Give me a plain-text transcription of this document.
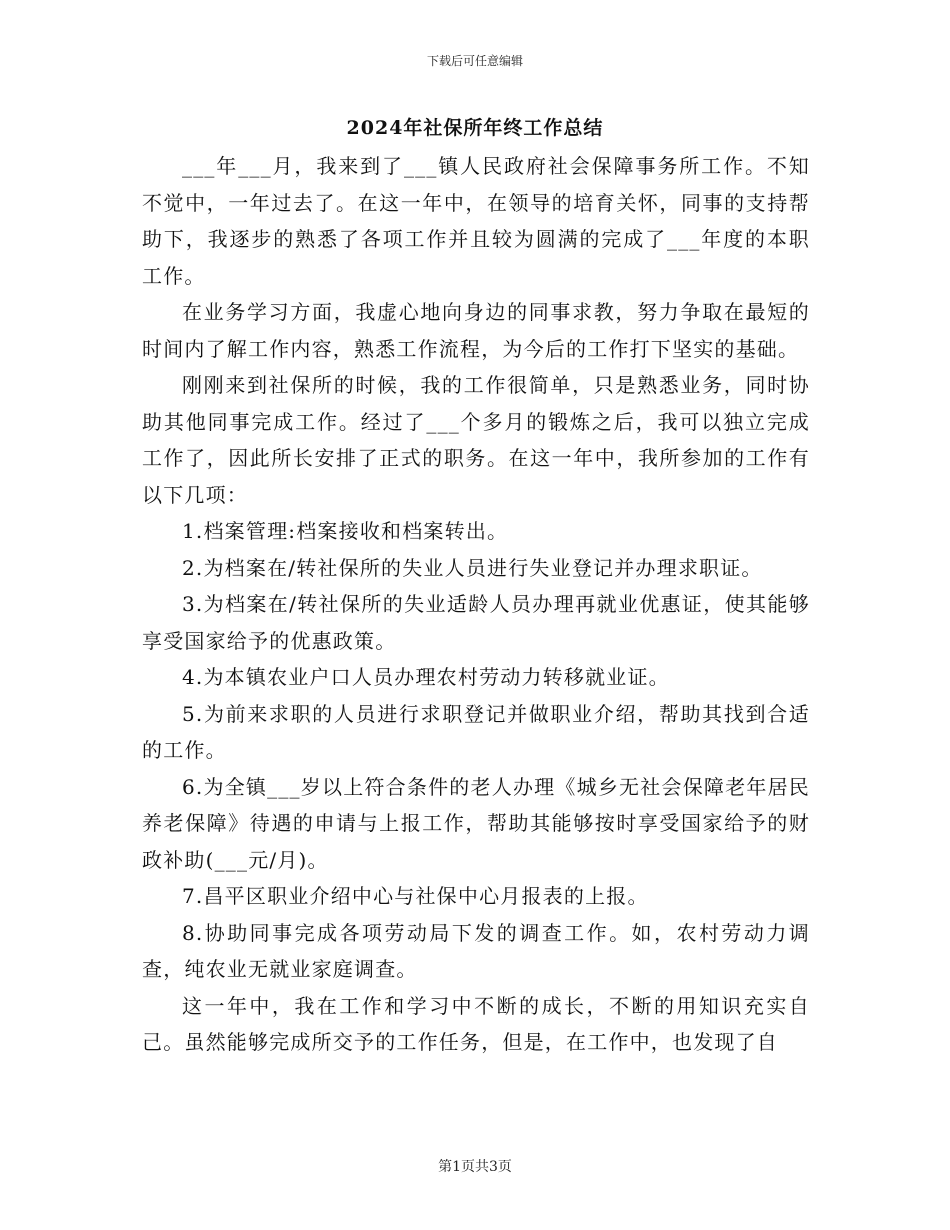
下载后可任意编辑
2024年社保所年终工作总结

___年___月，我来到了___镇人民政府社会保障事务所工作。不知不觉中，一年过去了。在这一年中，在领导的培育关怀，同事的支持帮助下，我逐步的熟悉了各项工作并且较为圆满的完成了___年度的本职工作。

在业务学习方面，我虚心地向身边的同事求教，努力争取在最短的时间内了解工作内容，熟悉工作流程，为今后的工作打下坚实的基础。

刚刚来到社保所的时候，我的工作很简单，只是熟悉业务，同时协助其他同事完成工作。经过了___个多月的锻炼之后，我可以独立完成工作了，因此所长安排了正式的职务。在这一年中，我所参加的工作有以下几项：

1.档案管理:档案接收和档案转出。

2.为档案在/转社保所的失业人员进行失业登记并办理求职证。

3.为档案在/转社保所的失业适龄人员办理再就业优惠证，使其能够享受国家给予的优惠政策。

4.为本镇农业户口人员办理农村劳动力转移就业证。

5.为前来求职的人员进行求职登记并做职业介绍，帮助其找到合适的工作。

6.为全镇___岁以上符合条件的老人办理《城乡无社会保障老年居民养老保障》待遇的申请与上报工作，帮助其能够按时享受国家给予的财政补助(___元/月)。

7.昌平区职业介绍中心与社保中心月报表的上报。

8.协助同事完成各项劳动局下发的调查工作。如，农村劳动力调查，纯农业无就业家庭调查。

这一年中，我在工作和学习中不断的成长，不断的用知识充实自己。虽然能够完成所交予的工作任务，但是，在工作中，也发现了自

第1页共3页
